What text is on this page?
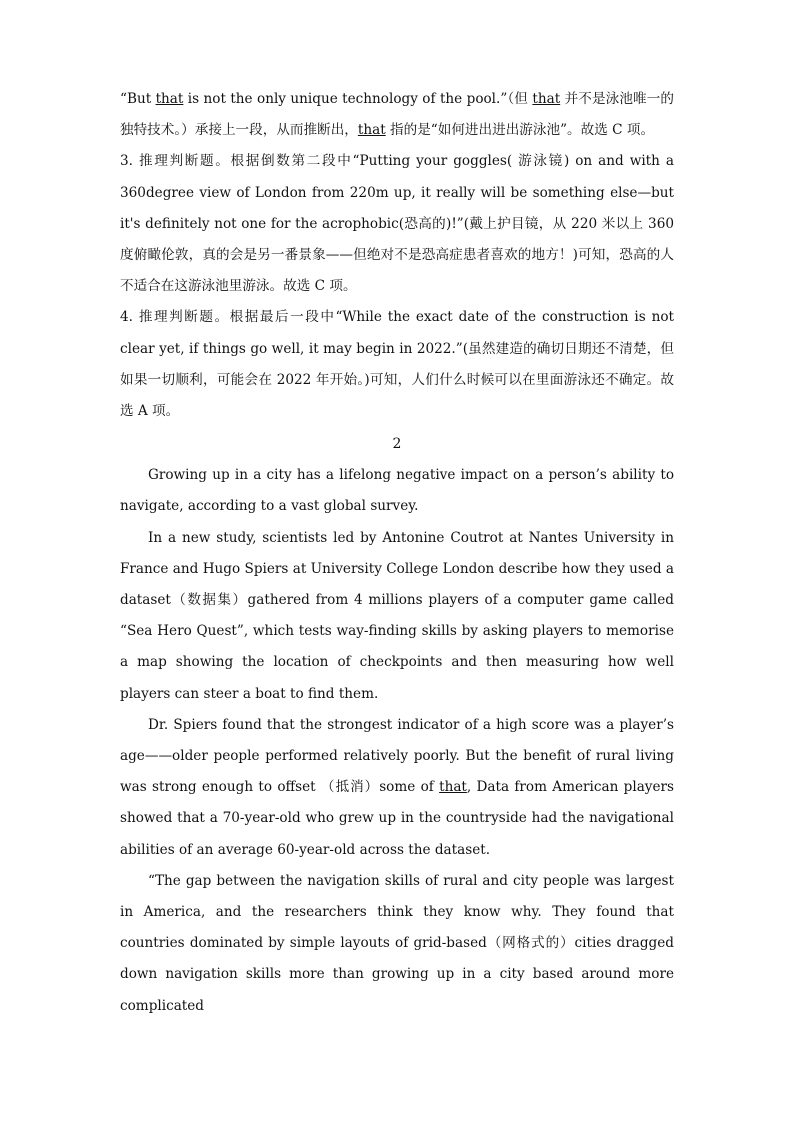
“But that is not the only unique technology of the pool.”（但 that 并不是泳池唯一的独特技术。）承接上一段，从而推断出，that 指的是“如何进出进出游泳池”。故选 C 项。

3. 推理判断题。根据倒数第二段中“Putting your goggles( 游泳镜) on and with a 360degree view of London from 220m up, it really will be something else—but it's definitely not one for the acrophobic(恐高的)!”(戴上护目镜，从 220 米以上 360 度俯瞰伦敦，真的会是另一番景象——但绝对不是恐高症患者喜欢的地方！)可知，恐高的人不适合在这游泳池里游泳。故选 C 项。

4. 推理判断题。根据最后一段中“While the exact date of the construction is not clear yet, if things go well, it may begin in 2022.”(虽然建造的确切日期还不清楚，但如果一切顺利，可能会在 2022 年开始。)可知，人们什么时候可以在里面游泳还不确定。故选 A 项。

2

Growing up in a city has a lifelong negative impact on a person’s ability to navigate, according to a vast global survey.

In a new study, scientists led by Antonine Coutrot at Nantes University in France and Hugo Spiers at University College London describe how they used a dataset（数据集）gathered from 4 millions players of a computer game called “Sea Hero Quest”, which tests way-finding skills by asking players to memorise a map showing the location of checkpoints and then measuring how well players can steer a boat to find them.

Dr. Spiers found that the strongest indicator of a high score was a player’s age——older people performed relatively poorly. But the benefit of rural living was strong enough to offset （抵消）some of that, Data from American players showed that a 70-year-old who grew up in the countryside had the navigational abilities of an average 60-year-old across the dataset.

“The gap between the navigation skills of rural and city people was largest in America, and the researchers think they know why. They found that countries dominated by simple layouts of grid-based（网格式的）cities dragged down navigation skills more than growing up in a city based around more complicated
